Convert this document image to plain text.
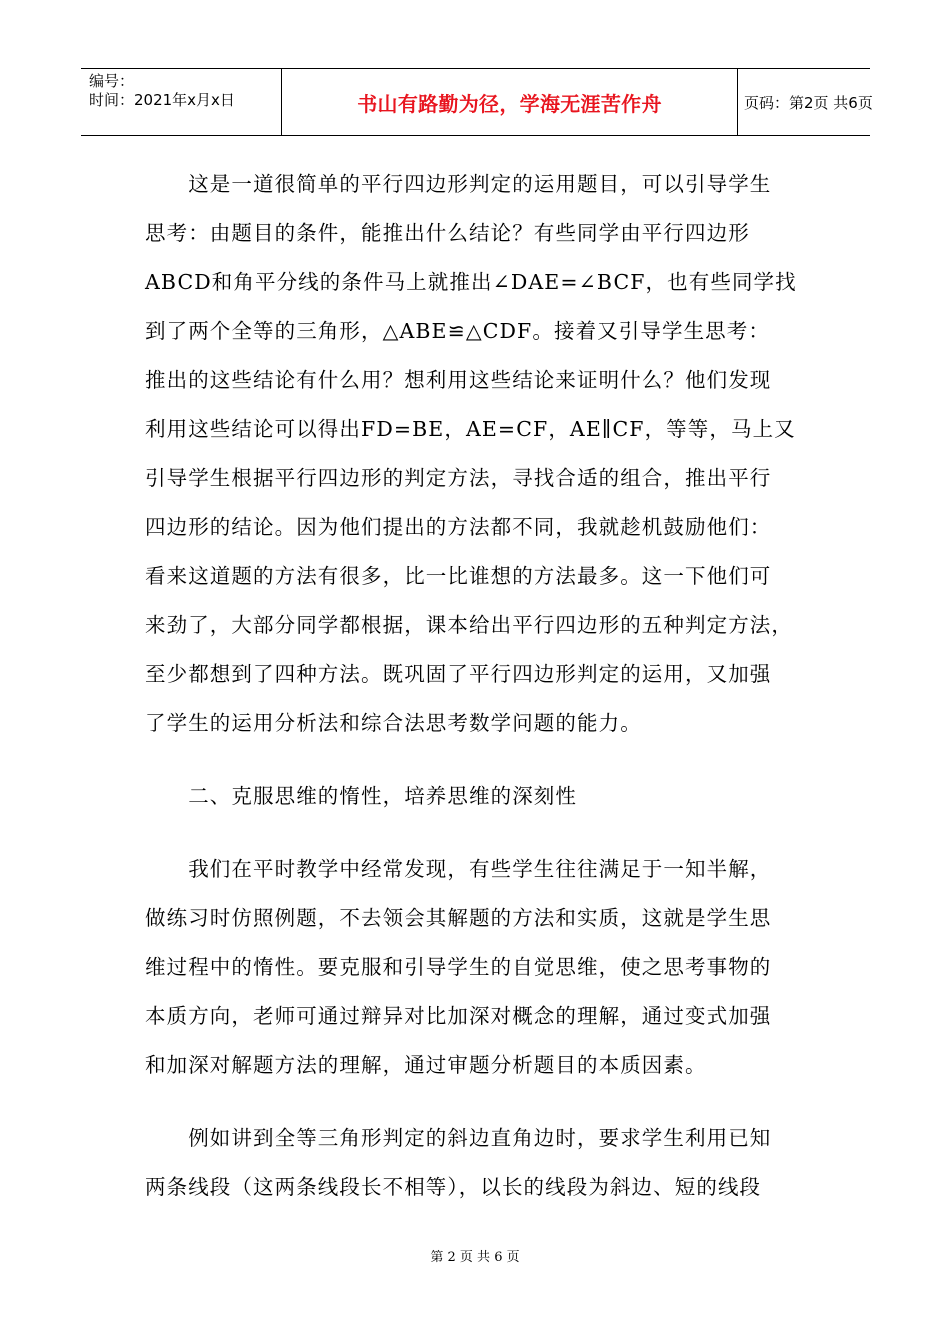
编号：
时间：2021年x月x日	书山有路勤为径，学海无涯苦作舟	页码：第2页 共6页

　　这是一道很简单的平行四边形判定的运用题目，可以引导学生
思考：由题目的条件，能推出什么结论？有些同学由平行四边形
ABCD和角平分线的条件马上就推出∠DAE=∠BCF，也有些同学找
到了两个全等的三角形，△ABE≌△CDF。接着又引导学生思考：
推出的这些结论有什么用？想利用这些结论来证明什么？他们发现
利用这些结论可以得出FD=BE，AE=CF，AE∥CF，等等，马上又
引导学生根据平行四边形的判定方法，寻找合适的组合，推出平行
四边形的结论。因为他们提出的方法都不同，我就趁机鼓励他们：
看来这道题的方法有很多，比一比谁想的方法最多。这一下他们可
来劲了，大部分同学都根据，课本给出平行四边形的五种判定方法，
至少都想到了四种方法。既巩固了平行四边形判定的运用，又加强
了学生的运用分析法和综合法思考数学问题的能力。

　　二、克服思维的惰性，培养思维的深刻性

　　我们在平时教学中经常发现，有些学生往往满足于一知半解，
做练习时仿照例题，不去领会其解题的方法和实质，这就是学生思
维过程中的惰性。要克服和引导学生的自觉思维，使之思考事物的
本质方向，老师可通过辩异对比加深对概念的理解，通过变式加强
和加深对解题方法的理解，通过审题分析题目的本质因素。

　　例如讲到全等三角形判定的斜边直角边时，要求学生利用已知
两条线段（这两条线段长不相等），以长的线段为斜边、短的线段

第 2 页 共 6 页
